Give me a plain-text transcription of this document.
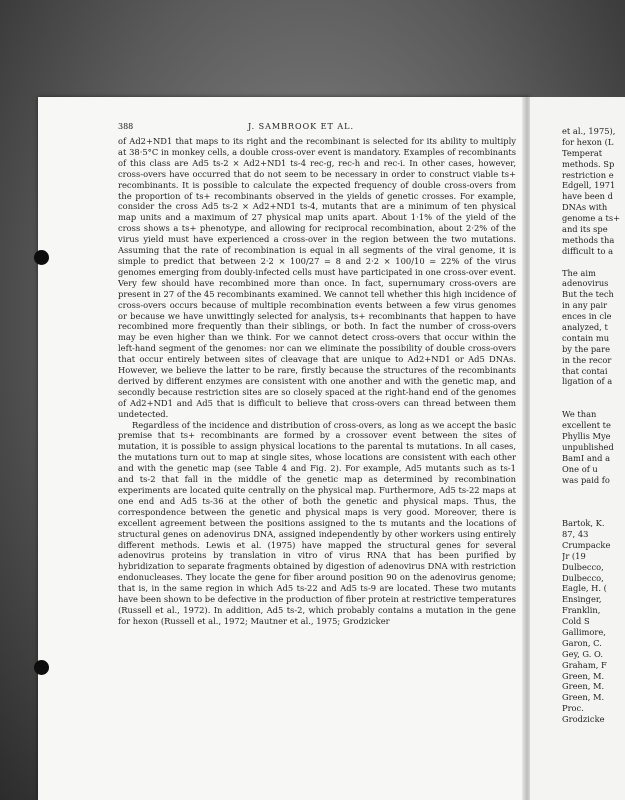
388	J. SAMBROOK ET AL.

of Ad2+ND1 that maps to its right and the recombinant is selected for its ability to multiply at 38·5°C in monkey cells, a double cross-over event is mandatory. Examples of recombinants of this class are Ad5 ts-2 × Ad2+ND1 ts-4 rec-g, rec-h and rec-i. In other cases, however, cross-overs have occurred that do not seem to be necessary in order to construct viable ts+ recombinants. It is possible to calculate the expected frequency of double cross-overs from the proportion of ts+ recombinants observed in the yields of genetic crosses. For example, consider the cross Ad5 ts-2 × Ad2+ND1 ts-4, mutants that are a minimum of ten physical map units and a maximum of 27 physical map units apart. About 1·1% of the yield of the cross shows a ts+ phenotype, and allowing for reciprocal recombination, about 2·2% of the virus yield must have experienced a cross-over in the region between the two mutations. Assuming that the rate of recombination is equal in all segments of the viral genome, it is simple to predict that between 2·2 × 100/27 = 8 and 2·2 × 100/10 = 22% of the virus genomes emerging from doubly-infected cells must have participated in one cross-over event. Very few should have recombined more than once. In fact, supernumary cross-overs are present in 27 of the 45 recombinants examined. We cannot tell whether this high incidence of cross-overs occurs because of multiple recombination events between a few virus genomes or because we have unwittingly selected for analysis, ts+ recombinants that happen to have recombined more frequently than their siblings, or both. In fact the number of cross-overs may be even higher than we think. For we cannot detect cross-overs that occur within the left-hand segment of the genomes: nor can we eliminate the possibility of double cross-overs that occur entirely between sites of cleavage that are unique to Ad2+ND1 or Ad5 DNAs. However, we believe the latter to be rare, firstly because the structures of the recombinants derived by different enzymes are consistent with one another and with the genetic map, and secondly because restriction sites are so closely spaced at the right-hand end of the genomes of Ad2+ND1 and Ad5 that is difficult to believe that cross-overs can thread between them undetected.

Regardless of the incidence and distribution of cross-overs, as long as we accept the basic premise that ts+ recombinants are formed by a crossover event between the sites of mutation, it is possible to assign physical locations to the parental ts mutations. In all cases, the mutations turn out to map at single sites, whose locations are consistent with each other and with the genetic map (see Table 4 and Fig. 2). For example, Ad5 mutants such as ts-1 and ts-2 that fall in the middle of the genetic map as determined by recombination experiments are located quite centrally on the physical map. Furthermore, Ad5 ts-22 maps at one end and Ad5 ts-36 at the other of both the genetic and physical maps. Thus, the correspondence between the genetic and physical maps is very good. Moreover, there is excellent agreement between the positions assigned to the ts mutants and the locations of structural genes on adenovirus DNA, assigned independently by other workers using entirely different methods. Lewis et al. (1975) have mapped the structural genes for several adenovirus proteins by translation in vitro of virus RNA that has been purified by hybridization to separate fragments obtained by digestion of adenovirus DNA with restriction endonucleases. They locate the gene for fiber around position 90 on the adenovirus genome; that is, in the same region in which Ad5 ts-22 and Ad5 ts-9 are located. These two mutants have been shown to be defective in the production of fiber protein at restrictive temperatures (Russell et al., 1972). In addition, Ad5 ts-2, which probably contains a mutation in the gene for hexon (Russell et al., 1972; Mautner et al., 1975; Grodzicker

et al., 1975),
for hexon (L
Temperat
methods. Sp
restriction e
Edgell, 1971
have been d
DNAs with
genome a ts+
and its spe
methods tha
difficult to a
The aim
adenovirus
But the tech
in any pair
ences in cle
analyzed, t
contain mu
by the pare
in the recor
that contai
ligation of a
We than
excellent te
Phyllis Mye
unpublished
BamI and a
One of u
was paid fo
Bartok, K.
87, 43
Crumpacke
Jr (19
Dulbecco,
Dulbecco,
Eagle, H. (
Ensinger,
Franklin,
Cold S
Gallimore,
Garon, C.
Gey, G. O.
Graham, F
Green, M.
Green, M.
Green, M.
Proc.
Grodzicke
